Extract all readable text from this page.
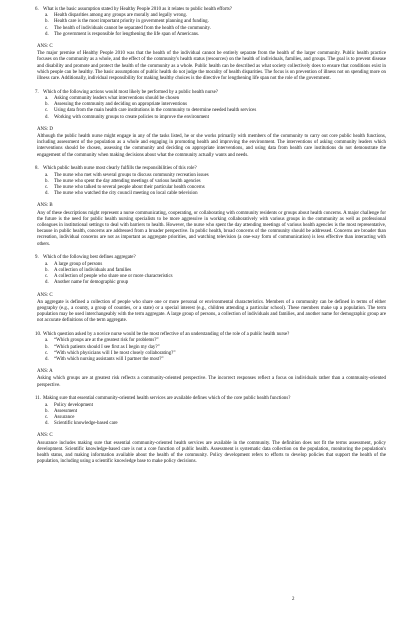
6. What is the basic assumption stated by Healthy People 2010 as it relates to public health efforts?
a.	Health disparities among any groups are morally and legally wrong.
b.	Health care is the most important priority in government planning and funding.
c.	The health of individuals cannot be separated from the health of the community.
d.	The government is responsible for lengthening the life span of Americans.
ANS: C
The major premise of Healthy People 2010 was that the health of the individual cannot be entirely separate from the health of the larger community. Public health practice focuses on the community as a whole, and the effect of the community's health status (resources) on the health of individuals, families, and groups. The goal is to prevent disease and disability and promote and protect the health of the community as a whole. Public health can be described as what society collectively does to ensure that conditions exist in which people can be healthy. The basic assumptions of public health do not judge the morality of health disparities. The focus is on prevention of illness not on spending more on illness care. Additionally, individual responsibility for making healthy choices is the directive for lengthening life span not the role of the government.
7. Which of the following actions would most likely be performed by a public health nurse?
a.	Asking community leaders what interventions should be chosen
b.	Assessing the community and deciding on appropriate interventions
c.	Using data from the main health care institutions in the community to determine needed health services
d.	Working with community groups to create policies to improve the environment
ANS: D
Although the public health nurse might engage in any of the tasks listed, he or she works primarily with members of the community to carry out core public health functions, including assessment of the population as a whole and engaging in promoting health and improving the environment. The interventions of asking community leaders which interventions should be chosen, assessing the community and deciding on appropriate interventions, and using data from health care institutions do not demonstrate the engagement of the community when making decisions about what the community actually wants and needs.
8. Which public health nurse most clearly fulfills the responsibilities of this role?
a.	The nurse who met with several groups to discuss community recreation issues
b.	The nurse who spent the day attending meetings of various health agencies
c.	The nurse who talked to several people about their particular health concerns
d.	The nurse who watched the city council meeting on local cable television
ANS: B
Any of these descriptions might represent a nurse communicating, cooperating, or collaborating with community residents or groups about health concerns. A major challenge for the future is the need for public health nursing specialists to be more aggressive in working collaboratively with various groups in the community as well as professional colleagues in institutional settings to deal with barriers to health. However, the nurse who spent the day attending meetings of various health agencies is the most representative, because in public health, concerns are addressed from a broader perspective. In public health, broad concerns of the community should be addressed. Concerns are broader than recreation, individual concerns are not as important as aggregate priorities, and watching television (a one-way form of communication) is less effective than interacting with others.
9. Which of the following best defines aggregate?
a.	A large group of persons
b.	A collection of individuals and families
c.	A collection of people who share one or more characteristics
d.	Another name for demographic group
ANS: C
An aggregate is defined a collection of people who share one or more personal or environmental characteristics. Members of a community can be defined in terms of either geography (e.g., a county, a group of counties, or a state) or a special interest (e.g., children attending a particular school). These members make up a population. The term population may be used interchangeably with the term aggregate. A large group of persons, a collection of individuals and families, and another name for demographic group are not accurate definitions of the term aggregate.
10. Which question asked by a novice nurse would be the most reflective of an understanding of the role of a public health nurse?
a.	“Which groups are at the greatest risk for problems?”
b.	“Which patients should I see first as I begin my day?”
c.	“With which physicians will I be most closely collaborating?”
d.	“With which nursing assistants will I partner the most?”
ANS: A
Asking which groups are at greatest risk reflects a community-oriented perspective. The incorrect responses reflect a focus on individuals rather than a community-oriented perspective.
11. Making sure that essential community-oriented health services are available defines which of the core public health functions?
a.	Policy development
b.	Assessment
c.	Assurance
d.	Scientific knowledge-based care
ANS: C
Assurance includes making sure that essential community-oriented health services are available in the community. The definition does not fit the terms assessment, policy development. Scientific knowledge-based care is not a core function of public health. Assessment is systematic data collection on the population, monitoring the population's health status, and making information available about the health of the community. Policy development refers to efforts to develop policies that support the health of the population, including using a scientific knowledge base to make policy decisions.
2
